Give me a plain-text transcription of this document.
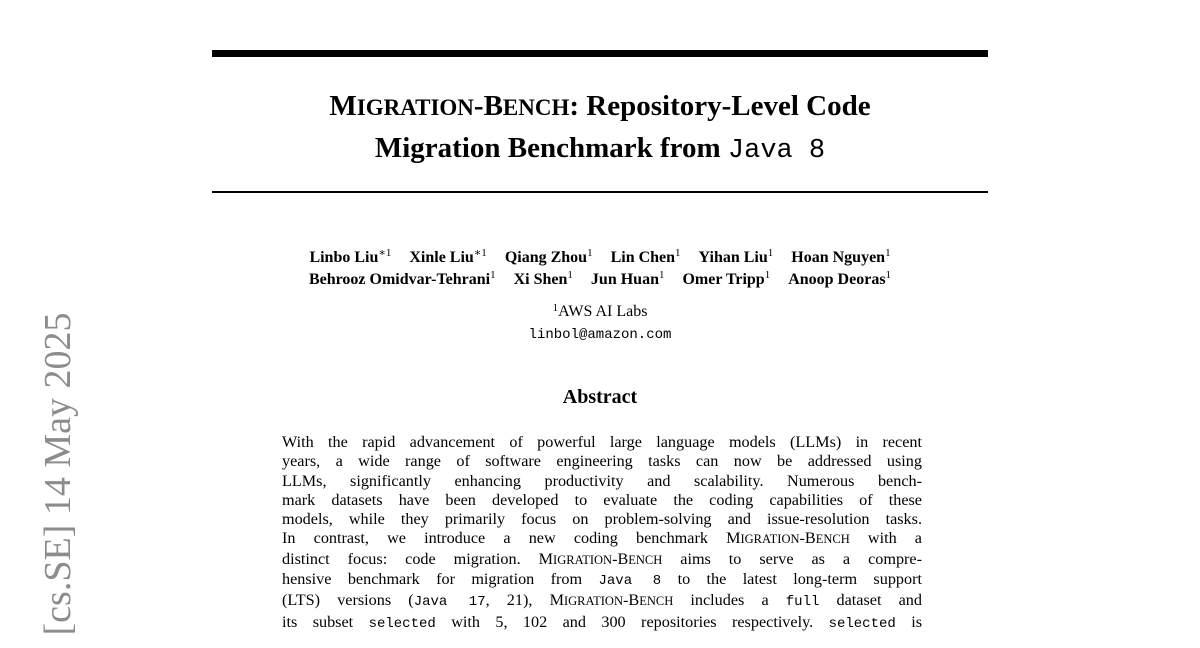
MIGRATION-BENCH: Repository-Level Code
Migration Benchmark from Java 8
Linbo Liu$^{∗1}$ Xinle Liu$^{∗1}$ Qiang Zhou$^1$ Lin Chen$^1$ Yihan Liu$^1$ Hoan Nguyen$^1$
Behrooz Omidvar-Tehrani$^1$ Xi Shen$^1$ Jun Huan$^1$ Omer Tripp$^1$ Anoop Deoras$^1$
$^1$AWS AI Labs
linbol@amazon.com
Abstract
With the rapid advancement of powerful large language models (LLMs) in recent
years, a wide range of software engineering tasks can now be addressed using
LLMs, significantly enhancing productivity and scalability. Numerous bench-
mark datasets have been developed to evaluate the coding capabilities of these
models, while they primarily focus on problem-solving and issue-resolution tasks.
In contrast, we introduce a new coding benchmark MIGRATION-BENCH with a
distinct focus: code migration. MIGRATION-BENCH aims to serve as a compre-
hensive benchmark for migration from Java 8 to the latest long-term support
(LTS) versions (Java 17, 21), MIGRATION-BENCH includes a full dataset and
its subset selected with 5, 102 and 300 repositories respectively. selected is
[cs.SE] 14 May 2025
